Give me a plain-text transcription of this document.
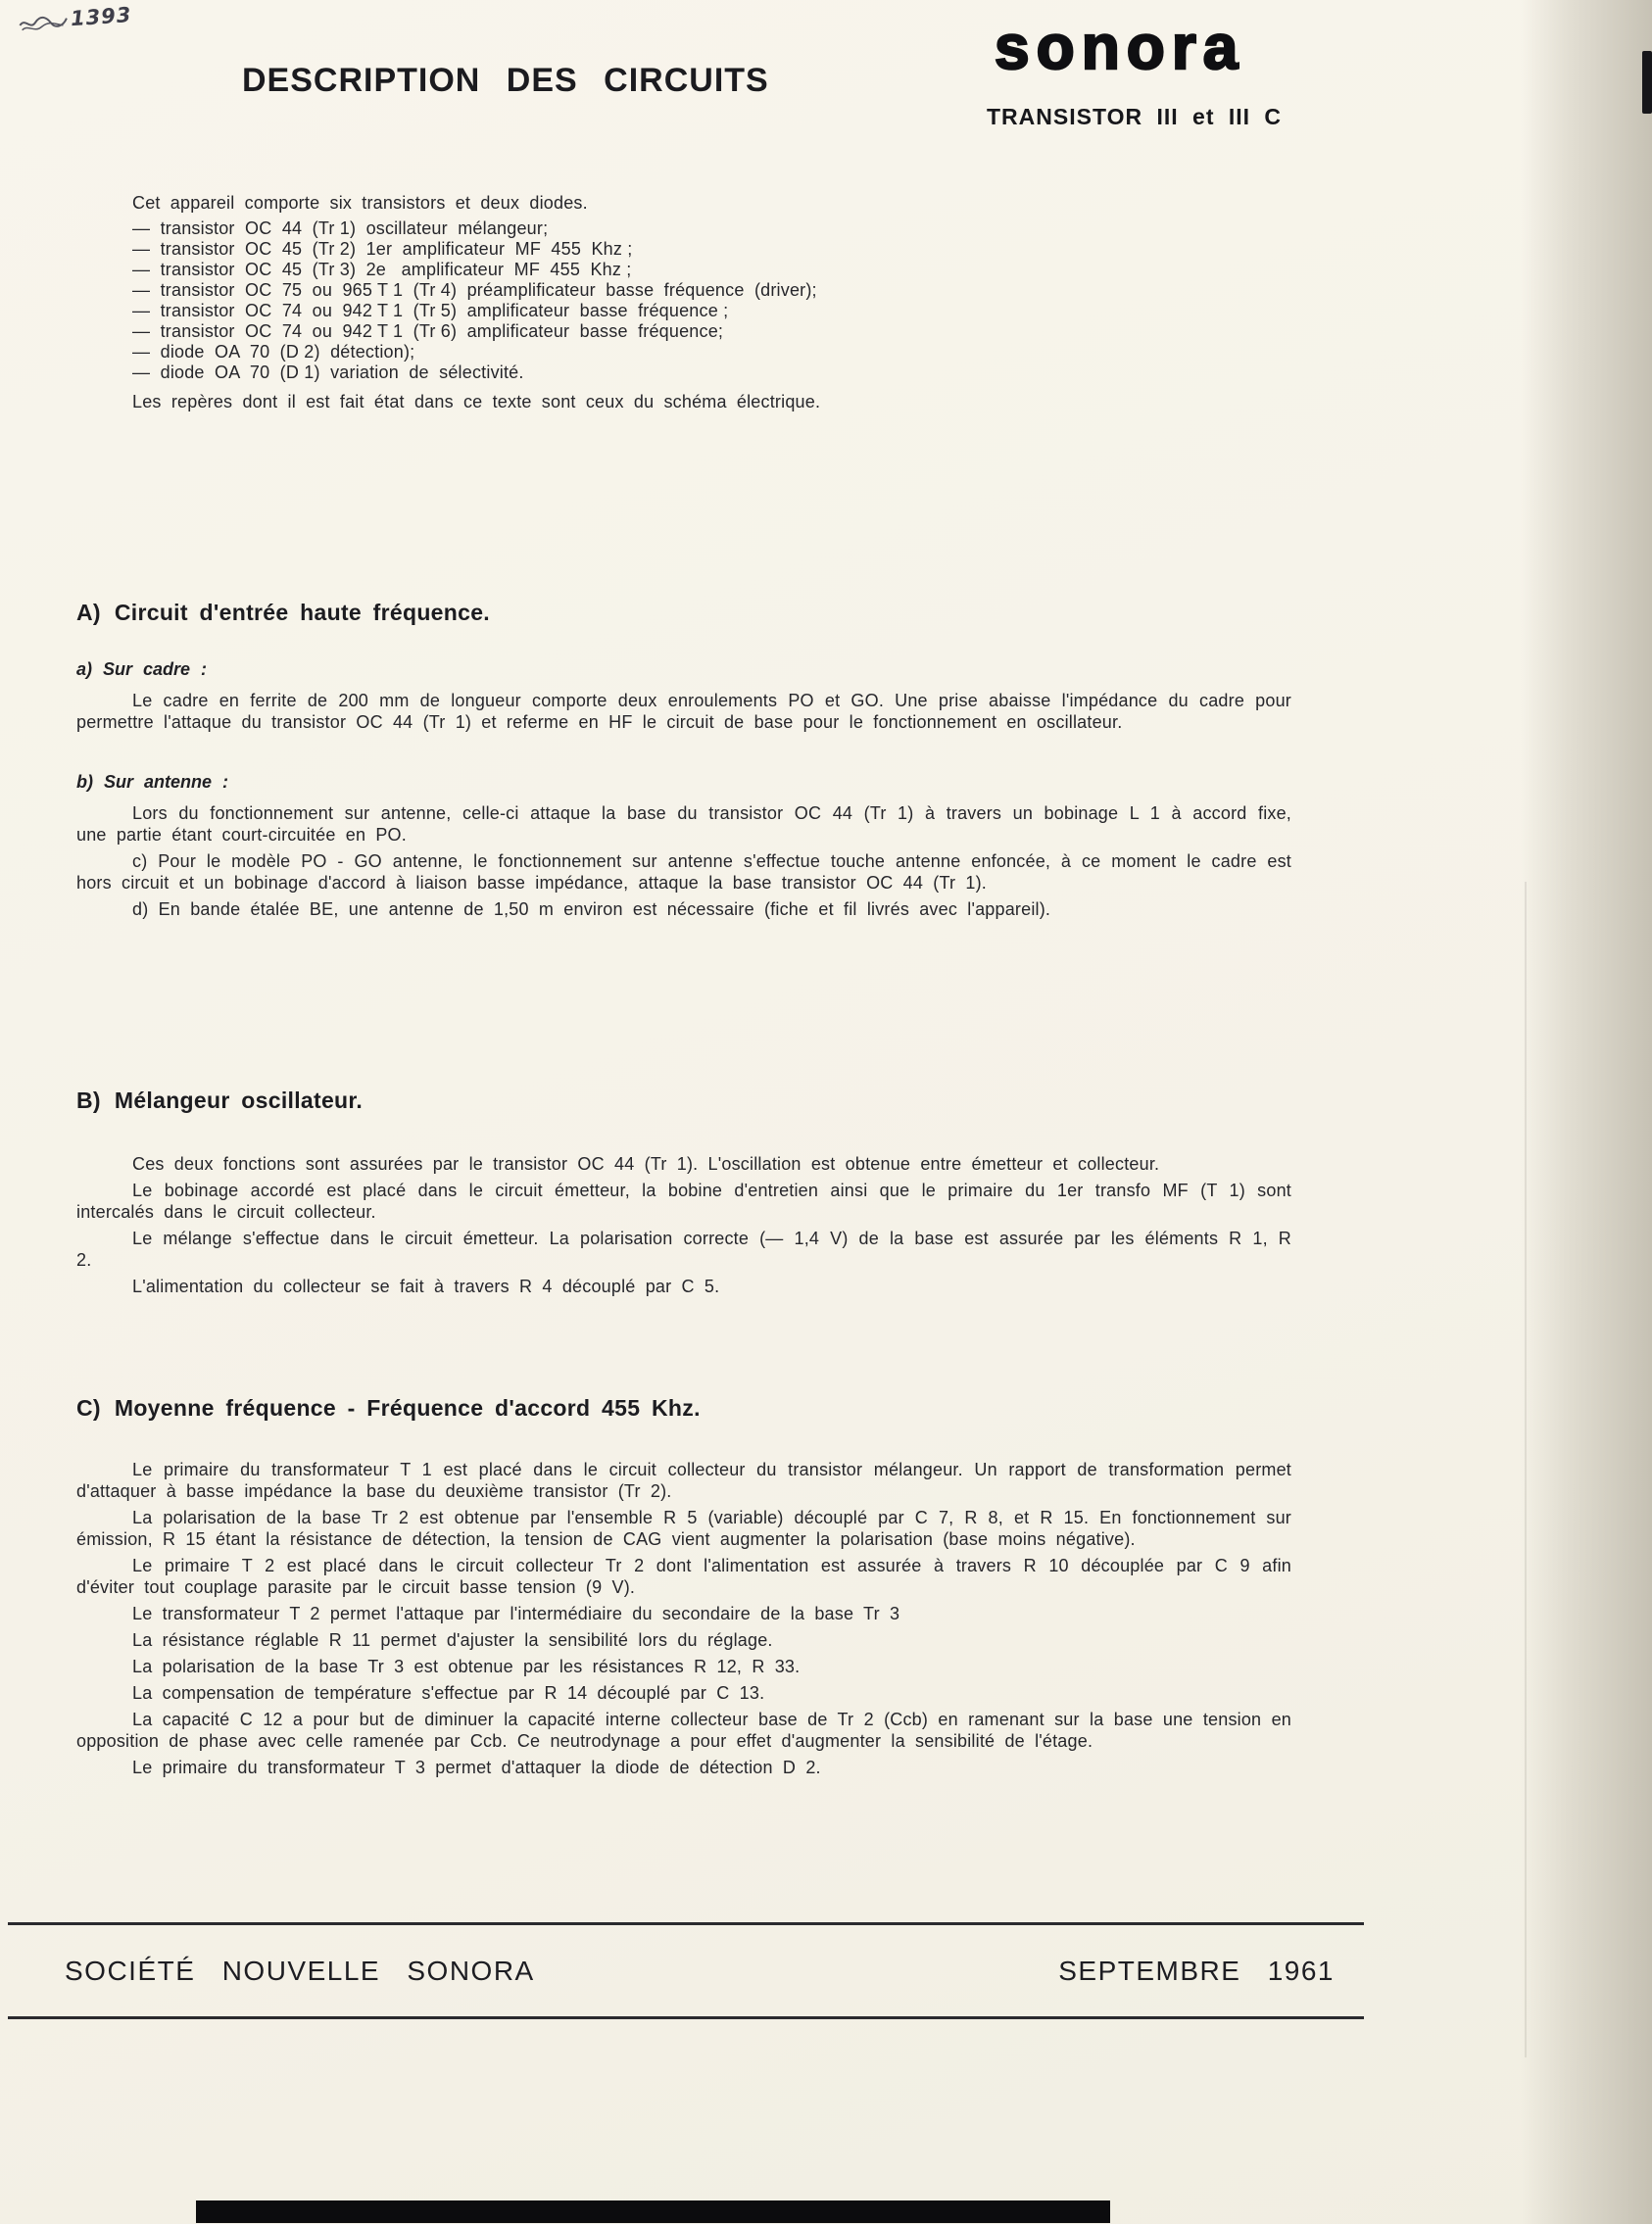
1393
DESCRIPTION DES CIRCUITS	sonora
TRANSISTOR III et III C

Cet appareil comporte six transistors et deux diodes.

—  transistor  OC  44  (Tr 1)  oscillateur  mélangeur;
—  transistor  OC  45  (Tr 2)  1er  amplificateur  MF  455  Khz ;
—  transistor  OC  45  (Tr 3)  2e   amplificateur  MF  455  Khz ;
—  transistor  OC  75  ou  965 T 1  (Tr 4)  préamplificateur  basse  fréquence  (driver);
—  transistor  OC  74  ou  942 T 1  (Tr 5)  amplificateur  basse  fréquence ;
—  transistor  OC  74  ou  942 T 1  (Tr 6)  amplificateur  basse  fréquence;
—  diode  OA  70  (D 2)  détection);
—  diode  OA  70  (D 1)  variation  de  sélectivité.

Les repères dont il est fait état dans ce texte sont ceux du schéma électrique.

A) Circuit d'entrée haute fréquence.
a) Sur cadre :

Le cadre en ferrite de 200 mm de longueur comporte deux enroulements PO et GO. Une prise abaisse l'impédance du cadre pour permettre l'attaque du transistor OC 44 (Tr 1) et referme en HF le circuit de base pour le fonctionnement en oscillateur.

b) Sur antenne :

Lors du fonctionnement sur antenne, celle-ci attaque la base du transistor OC 44 (Tr 1) à travers un bobinage L 1 à accord fixe, une partie étant court-circuitée en PO.

c) Pour le modèle PO - GO antenne, le fonctionnement sur antenne s'effectue touche antenne enfoncée, à ce moment le cadre est hors circuit et un bobinage d'accord à liaison basse impédance, attaque la base transistor OC 44 (Tr 1).

d) En bande étalée BE, une antenne de 1,50 m environ est nécessaire (fiche et fil livrés avec l'appareil).

B) Mélangeur oscillateur.

Ces deux fonctions sont assurées par le transistor OC 44 (Tr 1). L'oscillation est obtenue entre émetteur et collecteur.

Le bobinage accordé est placé dans le circuit émetteur, la bobine d'entretien ainsi que le primaire du 1er transfo MF (T 1) sont intercalés dans le circuit collecteur.

Le mélange s'effectue dans le circuit émetteur. La polarisation correcte (— 1,4 V) de la base est assurée par les éléments R 1, R 2.

L'alimentation du collecteur se fait à travers R 4 découplé par C 5.

C) Moyenne fréquence - Fréquence d'accord 455 Khz.

Le primaire du transformateur T 1 est placé dans le circuit collecteur du transistor mélangeur. Un rapport de transformation permet d'attaquer à basse impédance la base du deuxième transistor (Tr 2).

La polarisation de la base Tr 2 est obtenue par l'ensemble R 5 (variable) découplé par C 7, R 8, et R 15. En fonctionnement sur émission, R 15 étant la résistance de détection, la tension de CAG vient augmenter la polarisation (base moins négative).

Le primaire T 2 est placé dans le circuit collecteur Tr 2 dont l'alimentation est assurée à travers R 10 découplée par C 9 afin d'éviter tout couplage parasite par le circuit basse tension (9 V).

Le transformateur T 2 permet l'attaque par l'intermédiaire du secondaire de la base Tr 3

La résistance réglable R 11 permet d'ajuster la sensibilité lors du réglage.

La polarisation de la base Tr 3 est obtenue par les résistances R 12, R 33.

La compensation de température s'effectue par R 14 découplé par C 13.

La capacité C 12 a pour but de diminuer la capacité interne collecteur base de Tr 2 (Ccb) en ramenant sur la base une tension en opposition de phase avec celle ramenée par Ccb. Ce neutrodynage a pour effet d'augmenter la sensibilité de l'étage.

Le primaire du transformateur T 3 permet d'attaquer la diode de détection D 2.

SOCIÉTÉ NOUVELLE SONORA	SEPTEMBRE 1961
